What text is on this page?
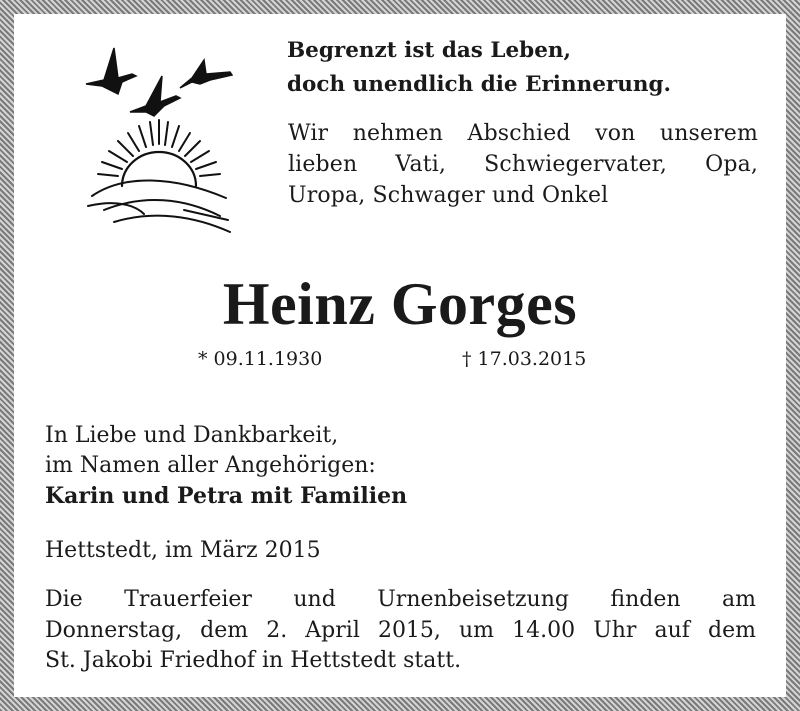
Begrenzt ist das Leben,
doch unendlich die Erinnerung.
Wir nehmen Abschied von unserem
lieben Vati, Schwiegervater, Opa,
Uropa, Schwager und Onkel
Heinz Gorges
* 09.11.1930	† 17.03.2015
In Liebe und Dankbarkeit,
im Namen aller Angehörigen:
Karin und Petra mit Familien
Hettstedt, im März 2015
Die Trauerfeier und Urnenbeisetzung finden am
Donnerstag, dem 2. April 2015, um 14.00 Uhr auf dem
St. Jakobi Friedhof in Hettstedt statt.
